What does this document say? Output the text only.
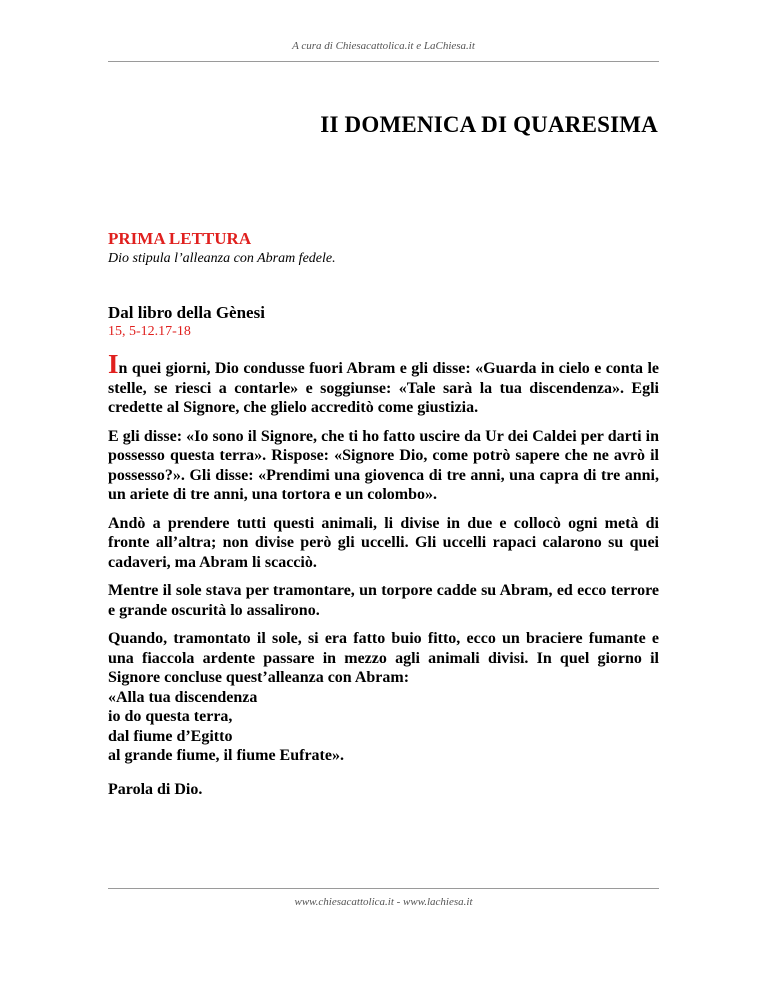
A cura di Chiesacattolica.it e LaChiesa.it
II DOMENICA DI QUARESIMA
PRIMA LETTURA
Dio stipula l’alleanza con Abram fedele.
Dal libro della Gènesi
15, 5-12.17-18

In quei giorni, Dio condusse fuori Abram e gli disse: «Guarda in cielo e conta le stelle, se riesci a contarle» e soggiunse: «Tale sarà la tua discendenza». Egli credette al Signore, che glielo accreditò come giustizia.

E gli disse: «Io sono il Signore, che ti ho fatto uscire da Ur dei Caldei per darti in possesso questa terra». Rispose: «Signore Dio, come potrò sapere che ne avrò il possesso?». Gli disse: «Prendimi una giovenca di tre anni, una capra di tre anni, un ariete di tre anni, una tortora e un colombo».

Andò a prendere tutti questi animali, li divise in due e collocò ogni metà di fronte all’altra; non divise però gli uccelli. Gli uccelli rapaci calarono su quei cadaveri, ma Abram li scacciò.

Mentre il sole stava per tramontare, un torpore cadde su Abram, ed ecco terrore e grande oscurità lo assalirono.

Quando, tramontato il sole, si era fatto buio fitto, ecco un braciere fumante e una fiaccola ardente passare in mezzo agli animali divisi. In quel giorno il Signore concluse quest’alleanza con Abram:
«Alla tua discendenza
io do questa terra,
dal fiume d’Egitto
al grande fiume, il fiume Eufrate».

Parola di Dio.

www.chiesacattolica.it - www.lachiesa.it
